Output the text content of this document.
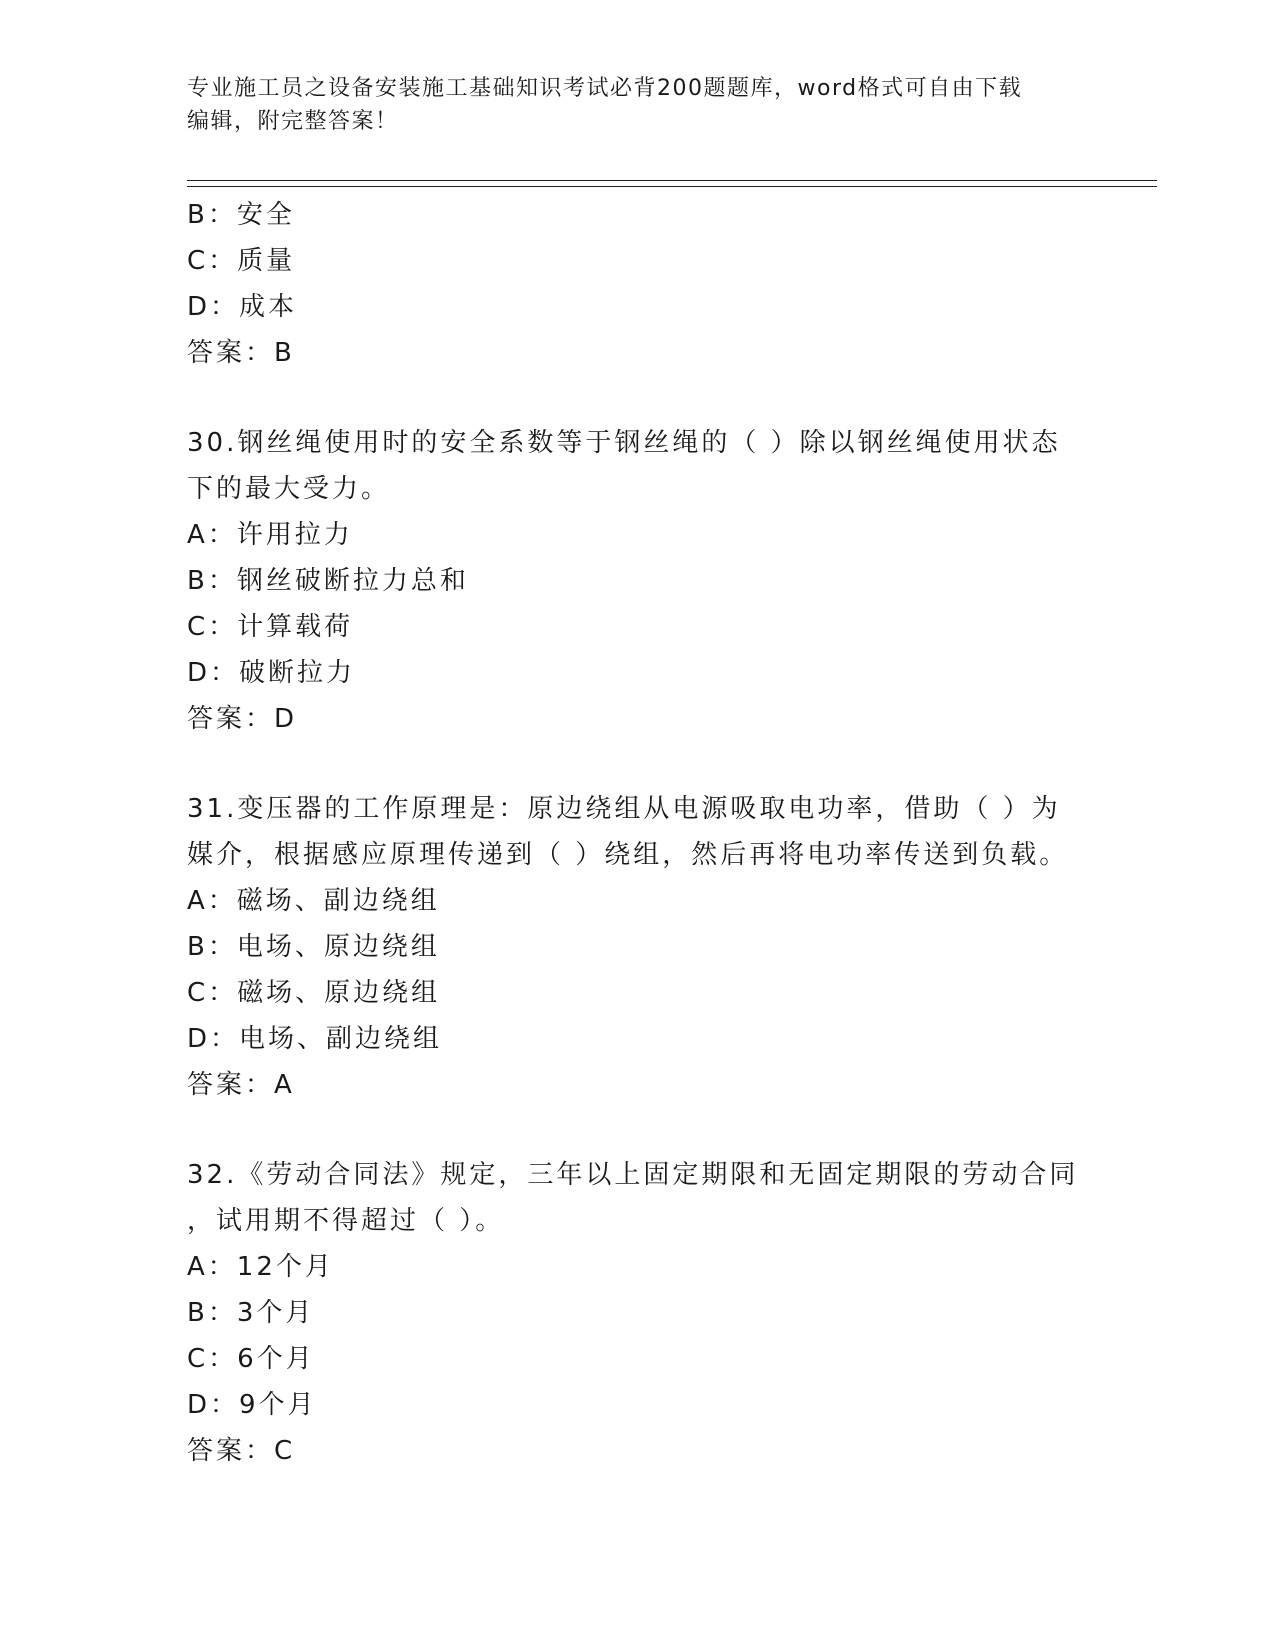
专业施工员之设备安装施工基础知识考试必背200题题库，word格式可自由下载
编辑，附完整答案！
B：安全
C：质量
D：成本
答案：B
30.钢丝绳使用时的安全系数等于钢丝绳的（ ）除以钢丝绳使用状态
下的最大受力。
A：许用拉力
B：钢丝破断拉力总和
C：计算载荷
D：破断拉力
答案：D
31.变压器的工作原理是：原边绕组从电源吸取电功率，借助（ ）为
媒介，根据感应原理传递到（ ）绕组，然后再将电功率传送到负载。
A：磁场、副边绕组
B：电场、原边绕组
C：磁场、原边绕组
D：电场、副边绕组
答案：A
32.《劳动合同法》规定，三年以上固定期限和无固定期限的劳动合同
，试用期不得超过（ ）。
A：12个月
B：3个月
C：6个月
D：9个月
答案：C
